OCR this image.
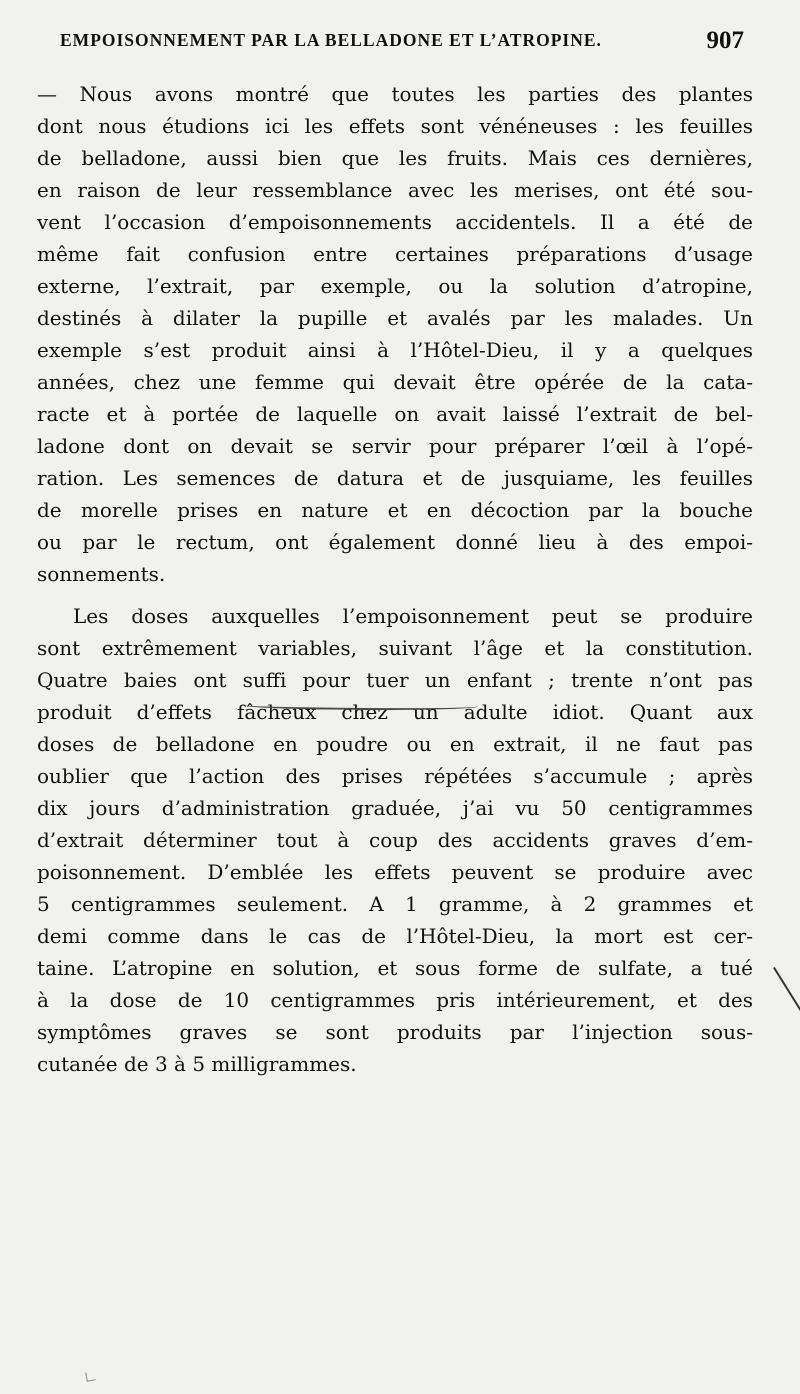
EMPOISONNEMENT PAR LA BELLADONE ET L’ATROPINE.	907

— Nous avons montré que toutes les parties des plantes
dont nous étudions ici les effets sont vénéneuses : les feuilles
de belladone, aussi bien que les fruits. Mais ces dernières,
en raison de leur ressemblance avec les merises, ont été sou-
vent l’occasion d’empoisonnements accidentels. Il a été de
même fait confusion entre certaines préparations d’usage
externe, l’extrait, par exemple, ou la solution d’atropine,
destinés à dilater la pupille et avalés par les malades. Un
exemple s’est produit ainsi à l’Hôtel-Dieu, il y a quelques
années, chez une femme qui devait être opérée de la cata-
racte et à portée de laquelle on avait laissé l’extrait de bel-
ladone dont on devait se servir pour préparer l’œil à l’opé-
ration. Les semences de datura et de jusquiame, les feuilles
de morelle prises en nature et en décoction par la bouche
ou par le rectum, ont également donné lieu à des empoi-
sonnements.

Les doses auxquelles l’empoisonnement peut se produire
sont extrêmement variables, suivant l’âge et la constitution.
Quatre baies ont suffi pour tuer un enfant ; trente n’ont pas
produit d’effets fâcheux chez un adulte idiot. Quant aux
doses de belladone en poudre ou en extrait, il ne faut pas
oublier que l’action des prises répétées s’accumule ; après
dix jours d’administration graduée, j’ai vu 50 centigrammes
d’extrait déterminer tout à coup des accidents graves d’em-
poisonnement. D’emblée les effets peuvent se produire avec
5 centigrammes seulement. A 1 gramme, à 2 grammes et
demi comme dans le cas de l’Hôtel-Dieu, la mort est cer-
taine. L’atropine en solution, et sous forme de sulfate, a tué
à la dose de 10 centigrammes pris intérieurement, et des
symptômes graves se sont produits par l’injection sous-
cutanée de 3 à 5 milligrammes.
